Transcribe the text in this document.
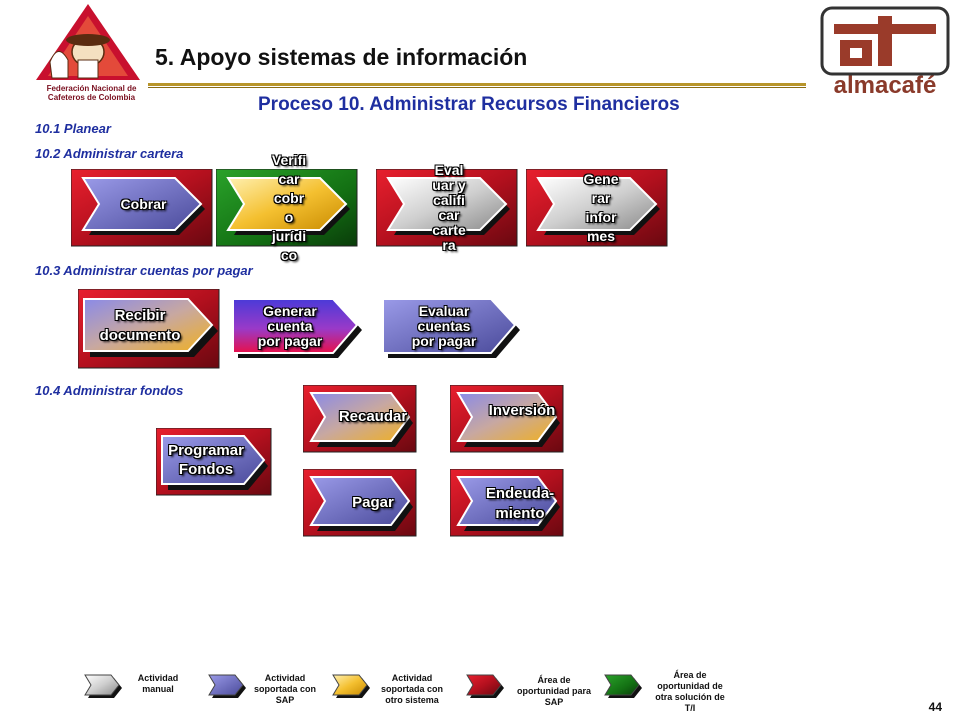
Federación Nacional de
Cafeteros de Colombia	almacafé
5. Apoyo sistemas de información
Proceso 10. Administrar Recursos Financieros
10.1 Planear
10.2 Administrar cartera
10.3 Administrar cuentas por pagar
10.4 Administrar fondos
Cobrar
Verifi
car
cobr
o
jurídi
co
Eval
uar y
califi
car
carte
ra
Gene
rar
infor
mes
Recibir
documento
Generar
cuenta
por pagar
Evaluar
cuentas
por pagar
Recaudar	Inversión
Programar
Fondos
Pagar
Endeuda-
miento
Actividad
manual
Actividad
soportada con
SAP
Actividad
soportada con
otro sistema
Área de
oportunidad para
SAP
Área de
oportunidad de
otra solución de
T/I	44
